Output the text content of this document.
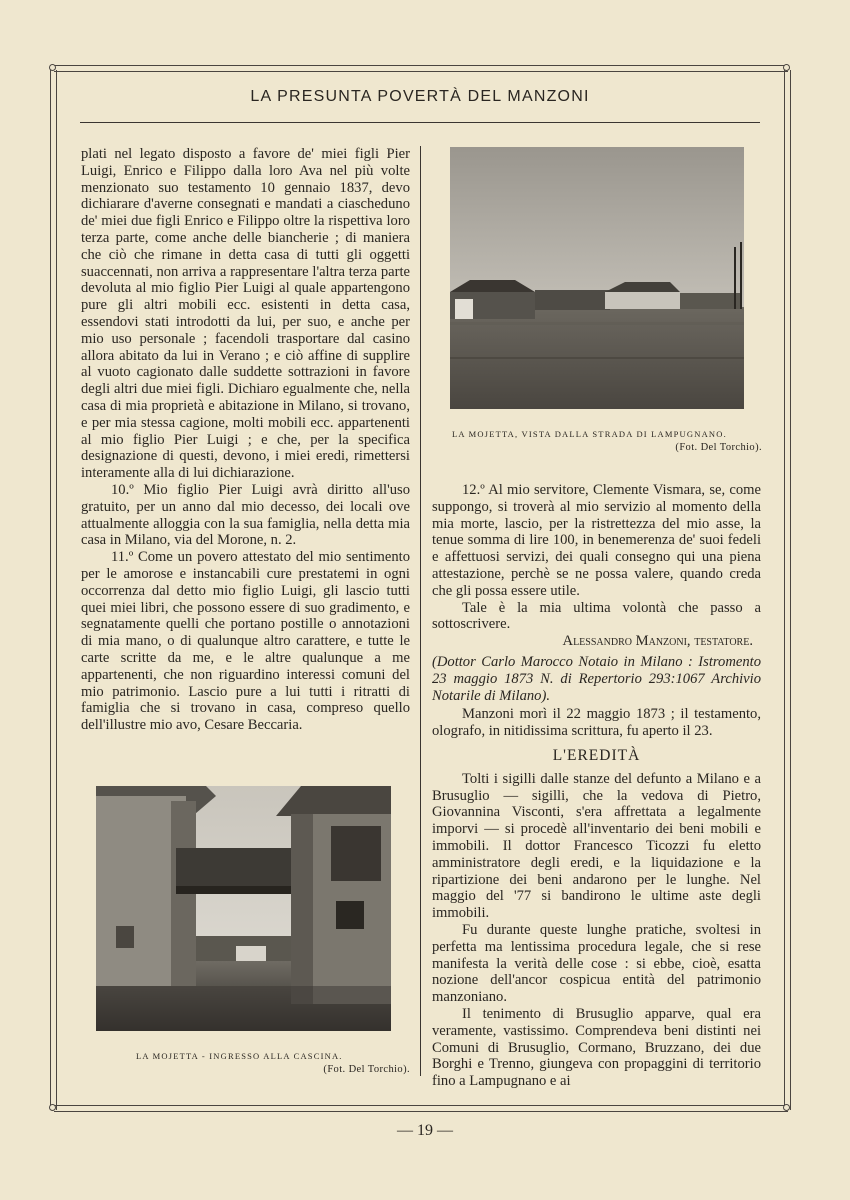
LA PRESUNTA POVERTÀ DEL MANZONI

plati nel legato disposto a favore de' miei figli Pier Luigi, Enrico e Filippo dalla loro Ava nel più volte menzionato suo testamento 10 gennaio 1837, devo dichiarare d'averne consegnati e mandati a ciascheduno de' miei due figli Enrico e Filippo oltre la rispettiva loro terza parte, come anche delle biancherie ; di maniera che ciò che rimane in detta casa di tutti gli oggetti suaccennati, non arriva a rappresentare l'altra terza parte devoluta al mio figlio Pier Luigi al quale appartengono pure gli altri mobili ecc. esistenti in detta casa, essendovi stati introdotti da lui, per suo, e anche per mio uso personale ; facendoli trasportare dal casino allora abitato da lui in Verano ; e ciò affine di supplire al vuoto cagionato dalle suddette sottrazioni in favore degli altri due miei figli. Dichiaro egualmente che, nella casa di mia proprietà e abitazione in Milano, si trovano, e per mia stessa cagione, molti mobili ecc. appartenenti al mio figlio Pier Luigi ; e che, per la specifica designazione di questi, devono, i miei eredi, rimettersi interamente alla di lui dichiarazione.

10.º Mio figlio Pier Luigi avrà diritto all'uso gratuito, per un anno dal mio decesso, dei locali ove attualmente alloggia con la sua famiglia, nella detta mia casa in Milano, via del Morone, n. 2.

11.º Come un povero attestato del mio sentimento per le amorose e instancabili cure prestatemi in ogni occorrenza dal detto mio figlio Luigi, gli lascio tutti quei miei libri, che possono essere di suo gradimento, e segnatamente quelli che portano postille o annotazioni di mia mano, o di qualunque altro carattere, e tutte le carte scritte da me, e le altre qualunque a me appartenenti, che non riguardino interessi comuni del mio patrimonio. Lascio pure a lui tutti i ritratti di famiglia che si trovano in casa, compreso quello dell'illustre mio avo, Cesare Beccaria.

LA MOJETTA - INGRESSO ALLA CASCINA.
(Fot. Del Torchio).
LA MOJETTA, VISTA DALLA STRADA DI LAMPUGNANO.
(Fot. Del Torchio).

12.º Al mio servitore, Clemente Vismara, se, come suppongo, si troverà al mio servizio al momento della mia morte, lascio, per la ristrettezza del mio asse, la tenue somma di lire 100, in benemerenza de' suoi fedeli e affettuosi servizi, dei quali consegno qui una piena attestazione, perchè se ne possa valere, quando creda che gli possa essere utile.

Tale è la mia ultima volontà che passo a sottoscrivere.

Alessandro Manzoni, testatore.

(Dottor Carlo Marocco Notaio in Milano : Istromento 23 maggio 1873 N. di Repertorio 293:1067 Archivio Notarile di Milano).

Manzoni morì il 22 maggio 1873 ; il testamento, olografo, in nitidissima scrittura, fu aperto il 23.

L'EREDITÀ

Tolti i sigilli dalle stanze del defunto a Milano e a Brusuglio — sigilli, che la vedova di Pietro, Giovannina Visconti, s'era affrettata a legalmente imporvi — si procedè all'inventario dei beni mobili e immobili. Il dottor Francesco Ticozzi fu eletto amministratore degli eredi, e la liquidazione e la ripartizione dei beni andarono per le lunghe. Nel maggio del '77 si bandirono le ultime aste degli immobili.

Fu durante queste lunghe pratiche, svoltesi in perfetta ma lentissima procedura legale, che si rese manifesta la verità delle cose : si ebbe, cioè, esatta nozione dell'ancor cospicua entità del patrimonio manzoniano.

Il tenimento di Brusuglio apparve, qual era veramente, vastissimo. Comprendeva beni distinti nei Comuni di Brusuglio, Cormano, Bruzzano, dei due Borghi e Trenno, giungeva con propaggini di territorio fino a Lampugnano e ai

— 19 —
